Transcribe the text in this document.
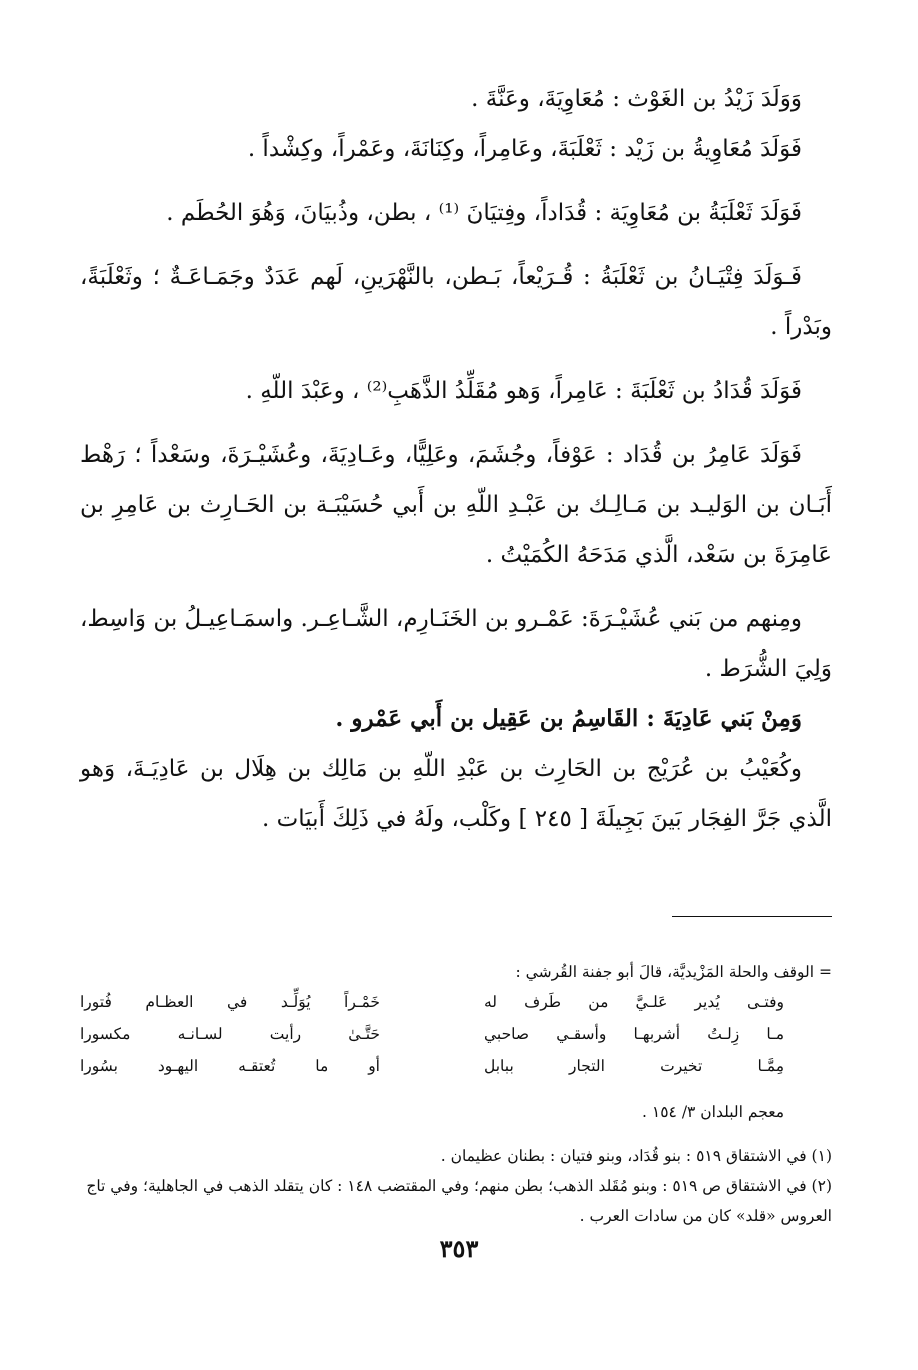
وَوَلَدَ زَيْدُ بن الغَوْث : مُعَاوِيَةَ، وعَنَّةَ .

فَوَلَدَ مُعَاوِيةُ بن زَيْد : ثَعْلَبَةَ، وعَامِراً، وكِنَانَةَ، وعَمْراً، وكِشْداً .

فَوَلَدَ ثَعْلَبَةُ بن مُعَاوِيَة : قُدَاداً، وفِتيَانَ ⁽¹⁾ ، بطن، وذُبيَانَ، وَهُوَ الحُطَم .

فَـوَلَدَ فِتْيَـانُ بن ثَعْلَبَةُ : قُـرَيْعاً، بَـطن، بالنَّهْرَينِ، لَهم عَدَدٌ وجَمَـاعَـةٌ ؛ وثَعْلَبَةً، وبَدْراً .

فَوَلَدَ قُدَادُ بن ثَعْلَبَةَ : عَامِراً، وَهو مُقَلِّدُ الذَّهَبِ⁽²⁾ ، وعَبْدَ اللّهِ .

فَوَلَدَ عَامِرُ بن قُدَاد : عَوْفاً، وجُشَمَ، وعَلِيًّا، وعَـادِيَةَ، وعُشَيْـرَةَ، وسَعْداً ؛ رَهْط أَبَـان بن الوَليـد بن مَـالِـك بن عَبْـدِ اللّهِ بن أَبي حُسَيْبَـة بن الحَـارِث بن عَامِرِ بن عَامِرَةَ بن سَعْد، الَّذي مَدَحَهُ الكُمَيْتُ .

ومِنهم من بَني عُشَيْـرَةَ: عَمْـرو بن الخَنَـارِم، الشَّـاعِـر. واسمَـاعِيـلُ بن وَاسِط، وَلِيَ الشُّرَط .

وَمِنْ بَني عَادِيَةَ : القَاسِمُ بن عَقِيل بن أَبي عَمْرو .

وكُعَيْبُ بن عُرَيْج بن الحَارِث بن عَبْدِ اللّهِ بن مَالِك بن هِلَال بن عَادِيَـةَ، وَهو الَّذي جَرَّ الفِجَار بَينَ بَجِيلَةَ [ ٢٤٥ ] وكَلْب، ولَهُ في ذَلِكَ أَبيَات .

= الوقف والحلة المَزْيديَّة، قالَ أبو جفنة القُرشي :

وفتـى يُدير عَلـيَّ من طَرف له
خَمْـراً يُوَلِّـد في العظـام فُتورا
مـا زِلـتُ أشربهـا وأسقـي صاحبي
حَتَّـىٰ رأيت لسـانـه مكسورا
مِمَّـا تخيرت التجار ببابل
أو ما تُعتقـه اليهـود بسُورا

معجم البلدان ٣/ ١٥٤ .

(١) في الاشتقاق ٥١٩ : بنو قُدَاد، وبنو فتيان : بطنان عظيمان .

(٢) في الاشتقاق ص ٥١٩ : وبنو مُقَلد الذهب؛ بطن منهم؛ وفي المقتضب ١٤٨ : كان يتقلد الذهب في الجاهلية؛ وفي تاج العروس «قلد» كان من سادات العرب .

٣٥٣
